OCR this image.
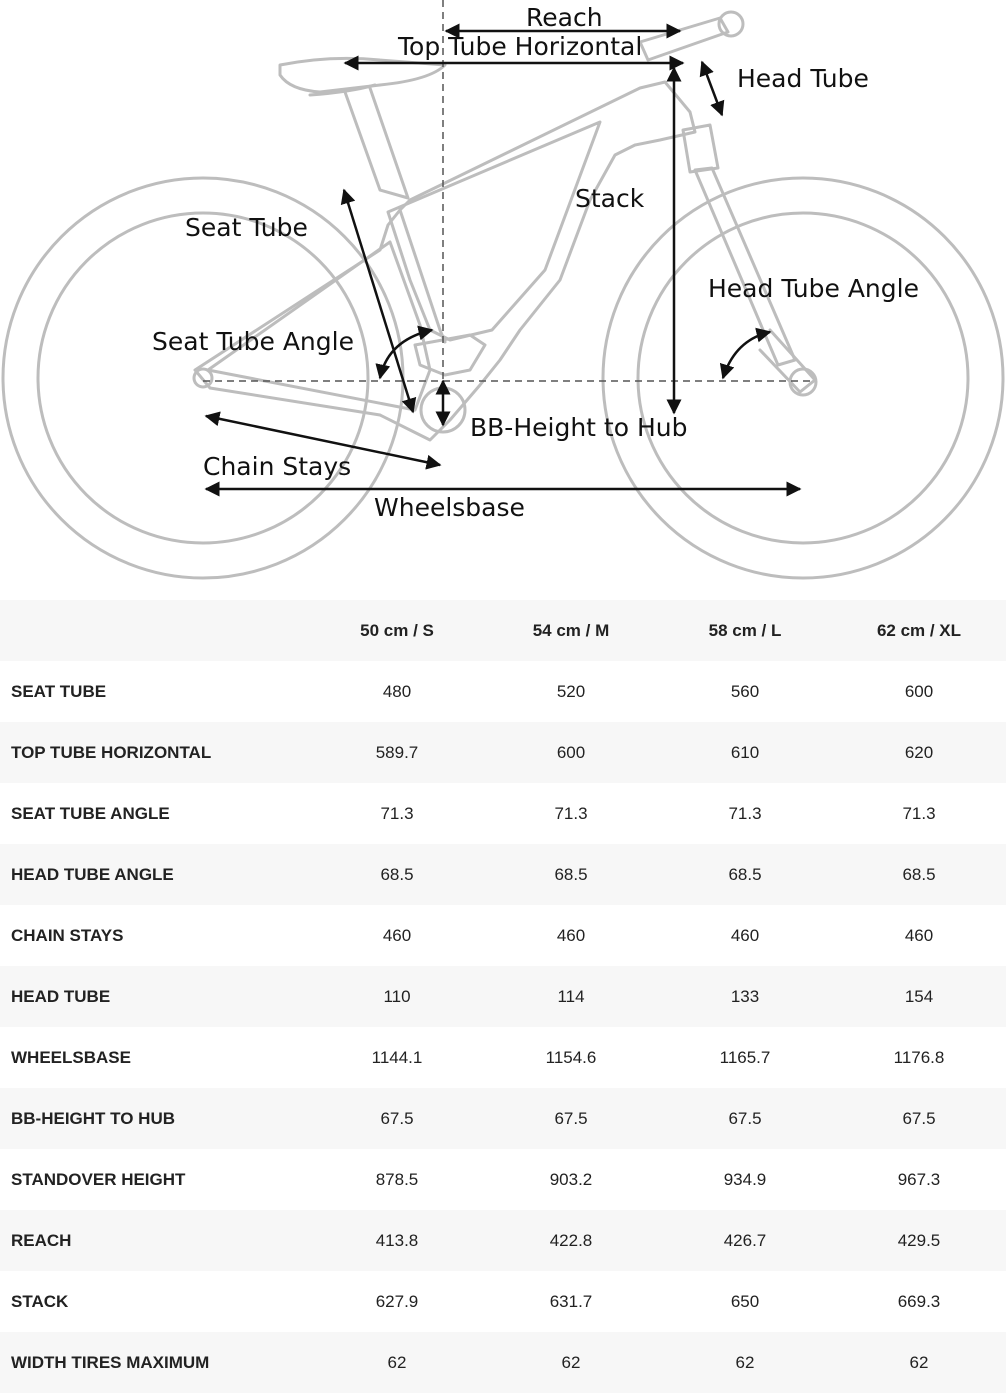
Reach
Top Tube Horizontal
Head Tube
Stack
Seat Tube
Head Tube Angle
Seat Tube Angle
BB-Height to Hub
Chain Stays
Wheelsbase
	50 cm / S	54 cm / M	58 cm / L	62 cm / XL
SEAT TUBE	480	520	560	600
TOP TUBE HORIZONTAL	589.7	600	610	620
SEAT TUBE ANGLE	71.3	71.3	71.3	71.3
HEAD TUBE ANGLE	68.5	68.5	68.5	68.5
CHAIN STAYS	460	460	460	460
HEAD TUBE	110	114	133	154
WHEELSBASE	1144.1	1154.6	1165.7	1176.8
BB-HEIGHT TO HUB	67.5	67.5	67.5	67.5
STANDOVER HEIGHT	878.5	903.2	934.9	967.3
REACH	413.8	422.8	426.7	429.5
STACK	627.9	631.7	650	669.3
WIDTH TIRES MAXIMUM	62	62	62	62
